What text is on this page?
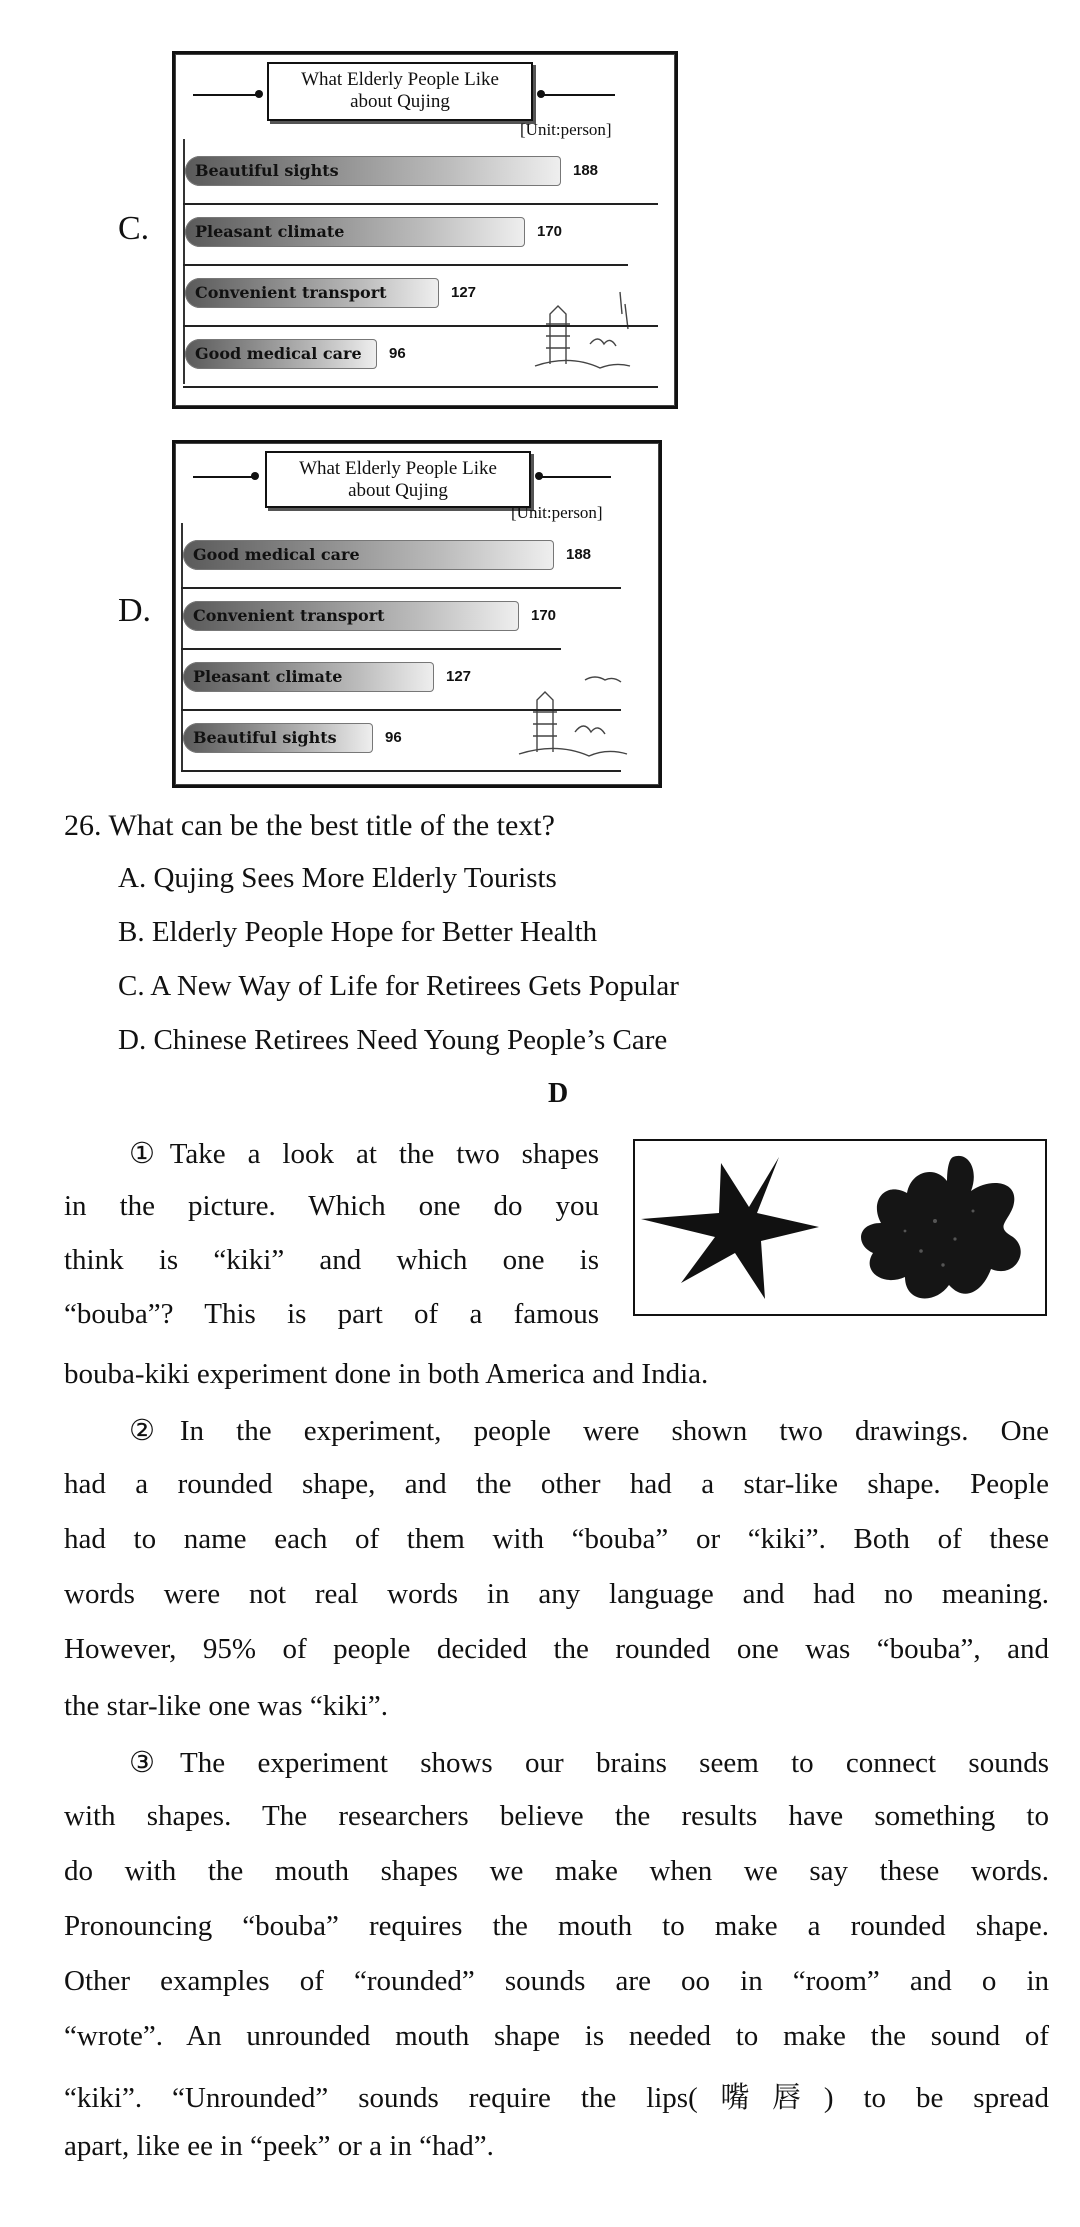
C.
What Elderly People Like
about Qujing
[Unit:person]
Beautiful sights	188
Pleasant climate	170
Convenient transport	127
Good medical care 96
D.
What Elderly People Like
about Qujing
[Unit:person]
Good medical care	188
Convenient transport	170
Pleasant climate	127
Beautiful sights	96
26. What can be the best title of the text?
A. Qujing Sees More Elderly Tourists
B. Elderly People Hope for Better Health
C. A New Way of Life for Retirees Gets Popular
D. Chinese Retirees Need Young People’s Care
D
①Take a look at the two shapes
in the picture. Which one do you
think is “kiki” and which one is
“bouba”? This is part of a famous
bouba-kiki experiment done in both America and India.
②In the experiment, people were shown two drawings. One
had a rounded shape, and the other had a star-like shape. People
had to name each of them with “bouba” or “kiki”. Both of these
words were not real words in any language and had no meaning.
However, 95% of people decided the rounded one was “bouba”, and
the star-like one was “kiki”.
③The experiment shows our brains seem to connect sounds
with shapes. The researchers believe the results have something to
do with the mouth shapes we make when we say these words.
Pronouncing “bouba” requires the mouth to make a rounded shape.
Other examples of “rounded” sounds are oo in “room” and o in
“wrote”. An unrounded mouth shape is needed to make the sound of
“kiki”. “Unrounded” sounds require the lips(嘴唇) to be spread
apart, like ee in “peek” or a in “had”.
